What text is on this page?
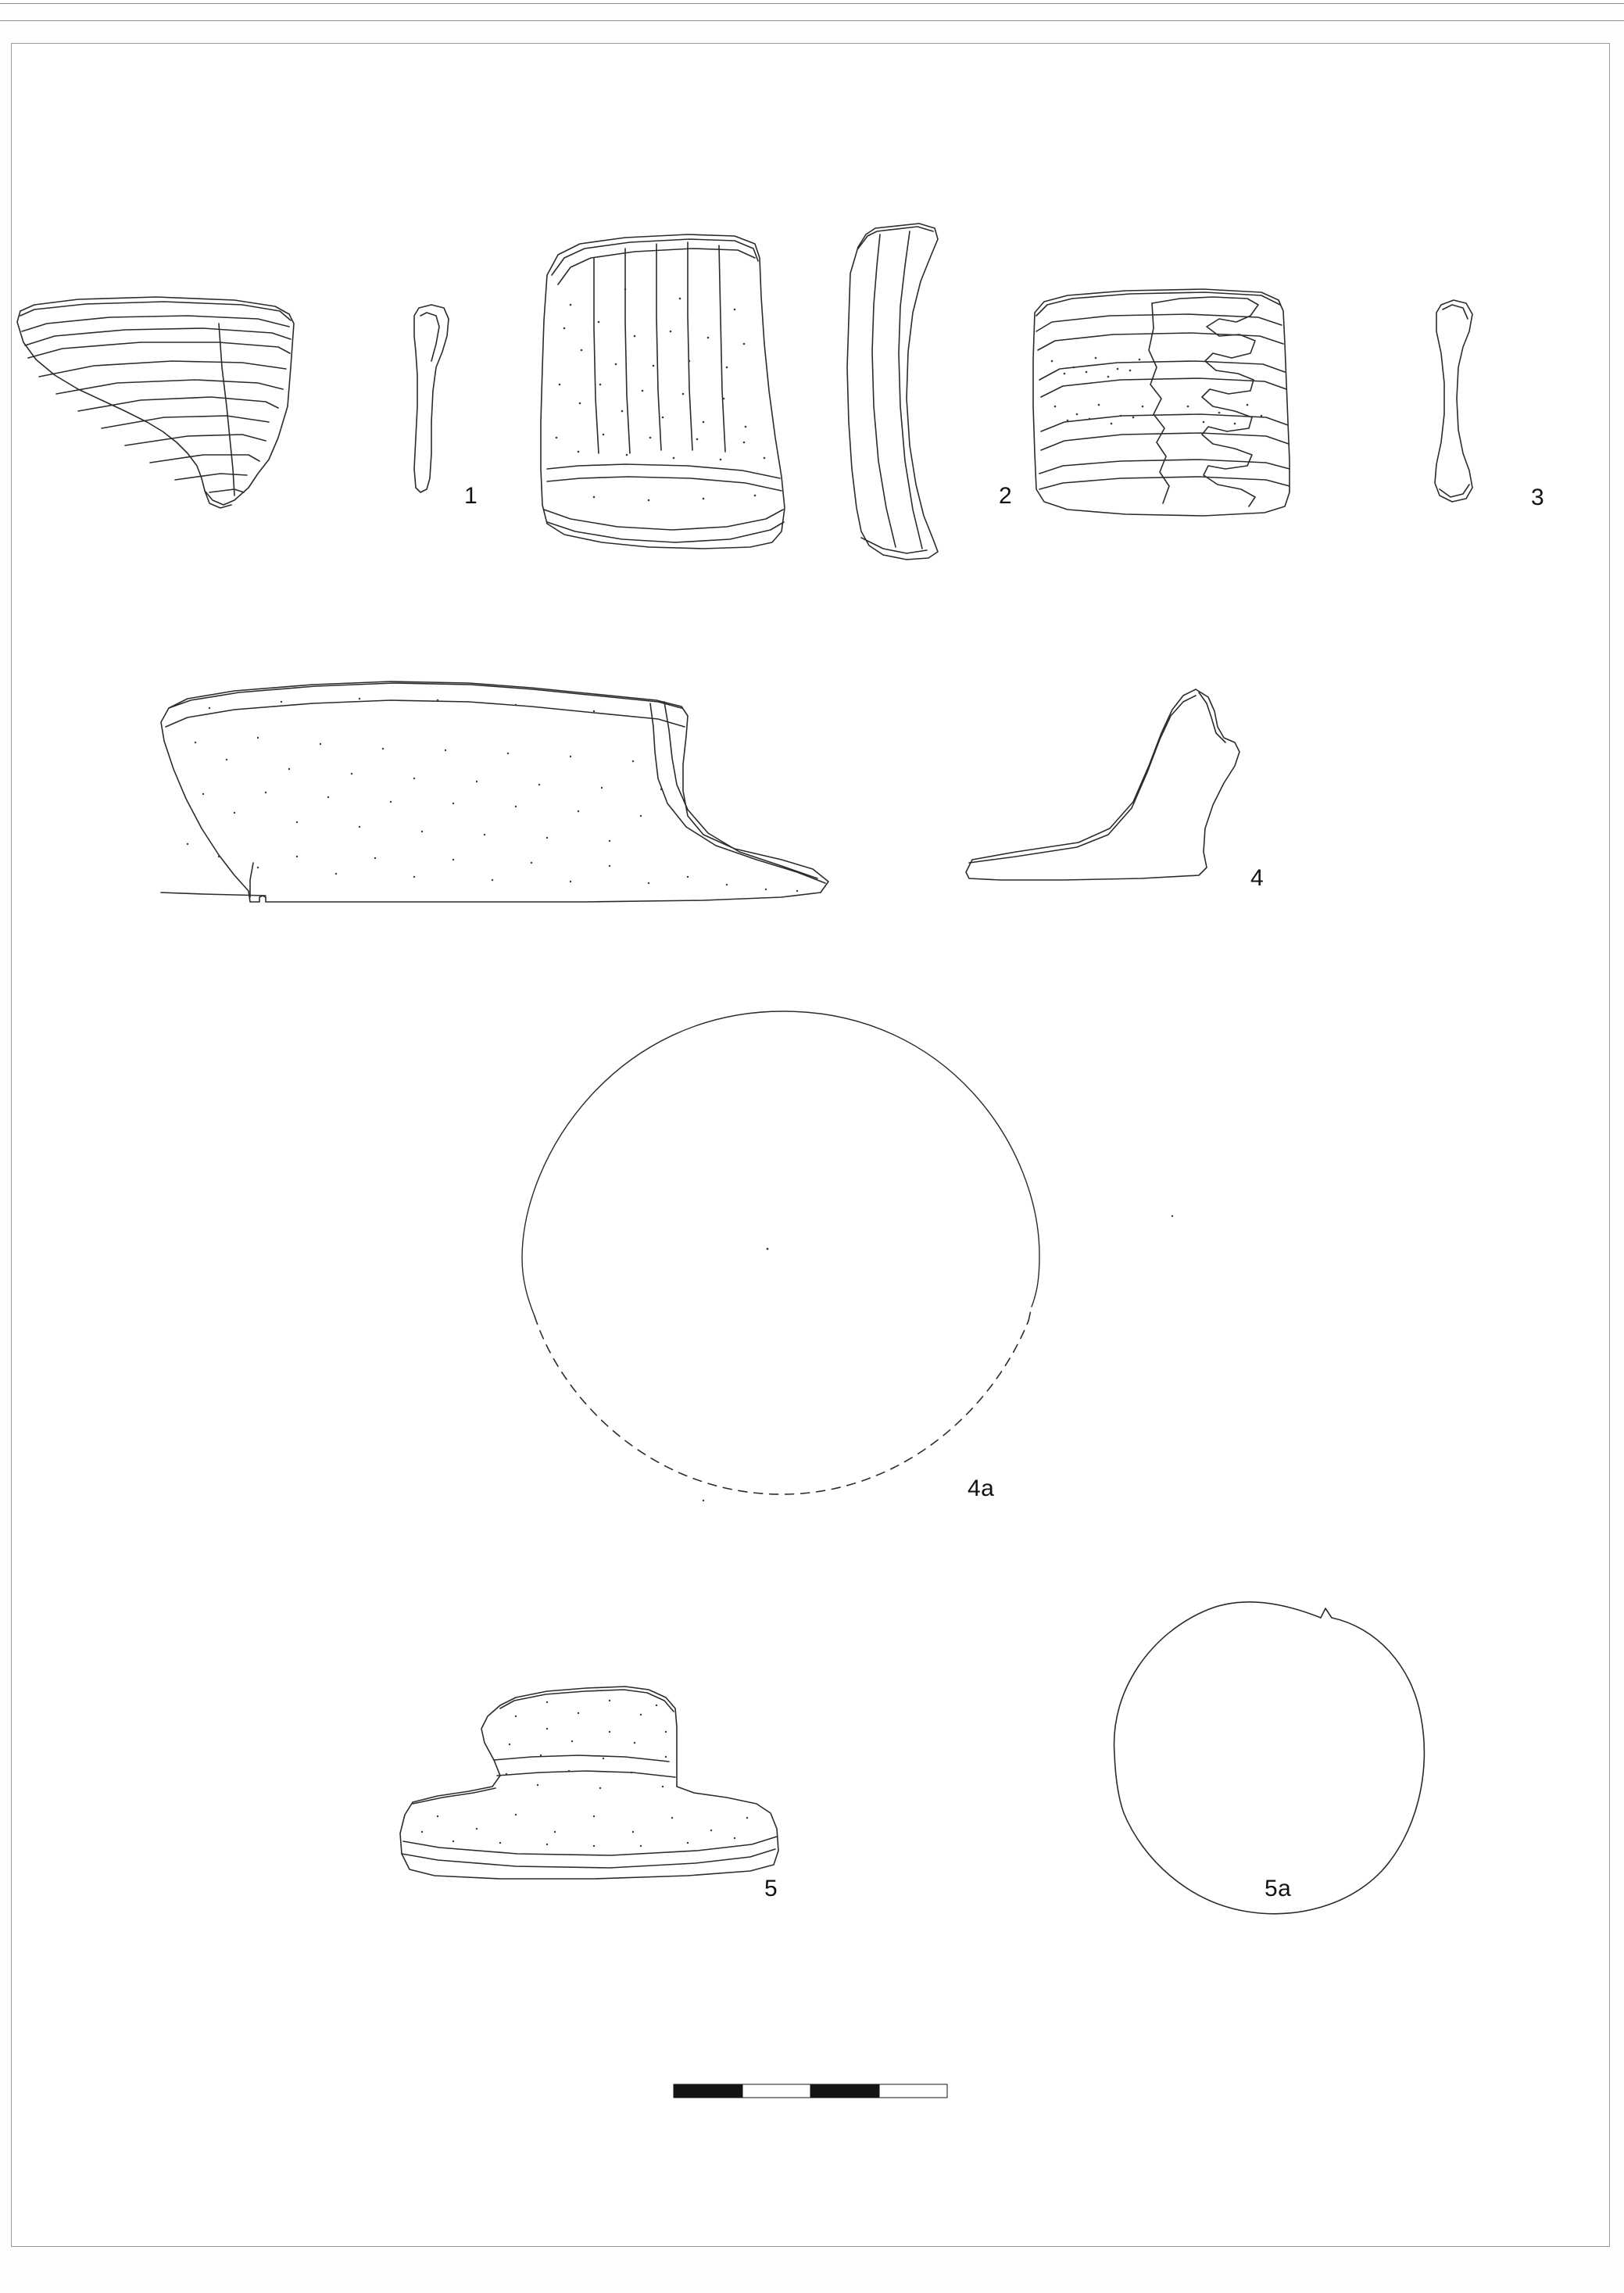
1	2	3
4
4a
5	5a
